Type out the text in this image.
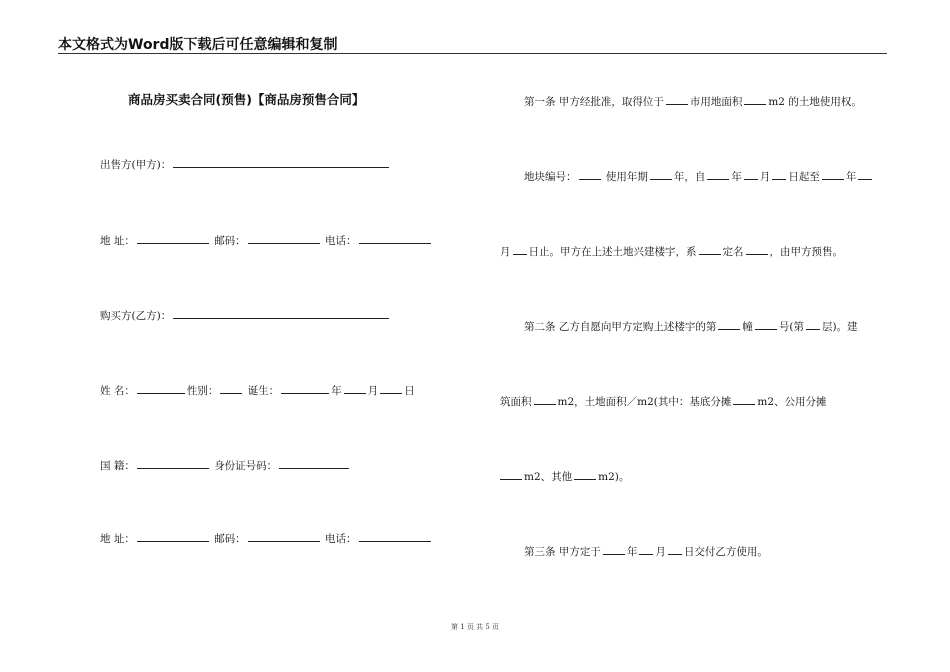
本文格式为Word版下载后可任意编辑和复制
商品房买卖合同(预售)【商品房预售合同】
出售方(甲方)：
地 址：	邮码：	电话：
购买方(乙方)：
姓 名：	性别：	诞生：	年 月 日
国 籍：	身份证号码：
地 址：	邮码：	电话：
第一条 甲方经批准，取得位于 市用地面积 m2 的土地使用权。
地块编号：	使用年期 年，自 年 月 日起至 年
月 日止。甲方在上述土地兴建楼宇，系 定名 ，由甲方预售。
第二条 乙方自愿向甲方定购上述楼宇的第 幢 号(第 层)。建
筑面积 m2，土地面积／m2(其中：基底分摊 m2、公用分摊
m2、其他 m2)。
第三条 甲方定于 年 月 日交付乙方使用。
第 1 页 共 5 页
